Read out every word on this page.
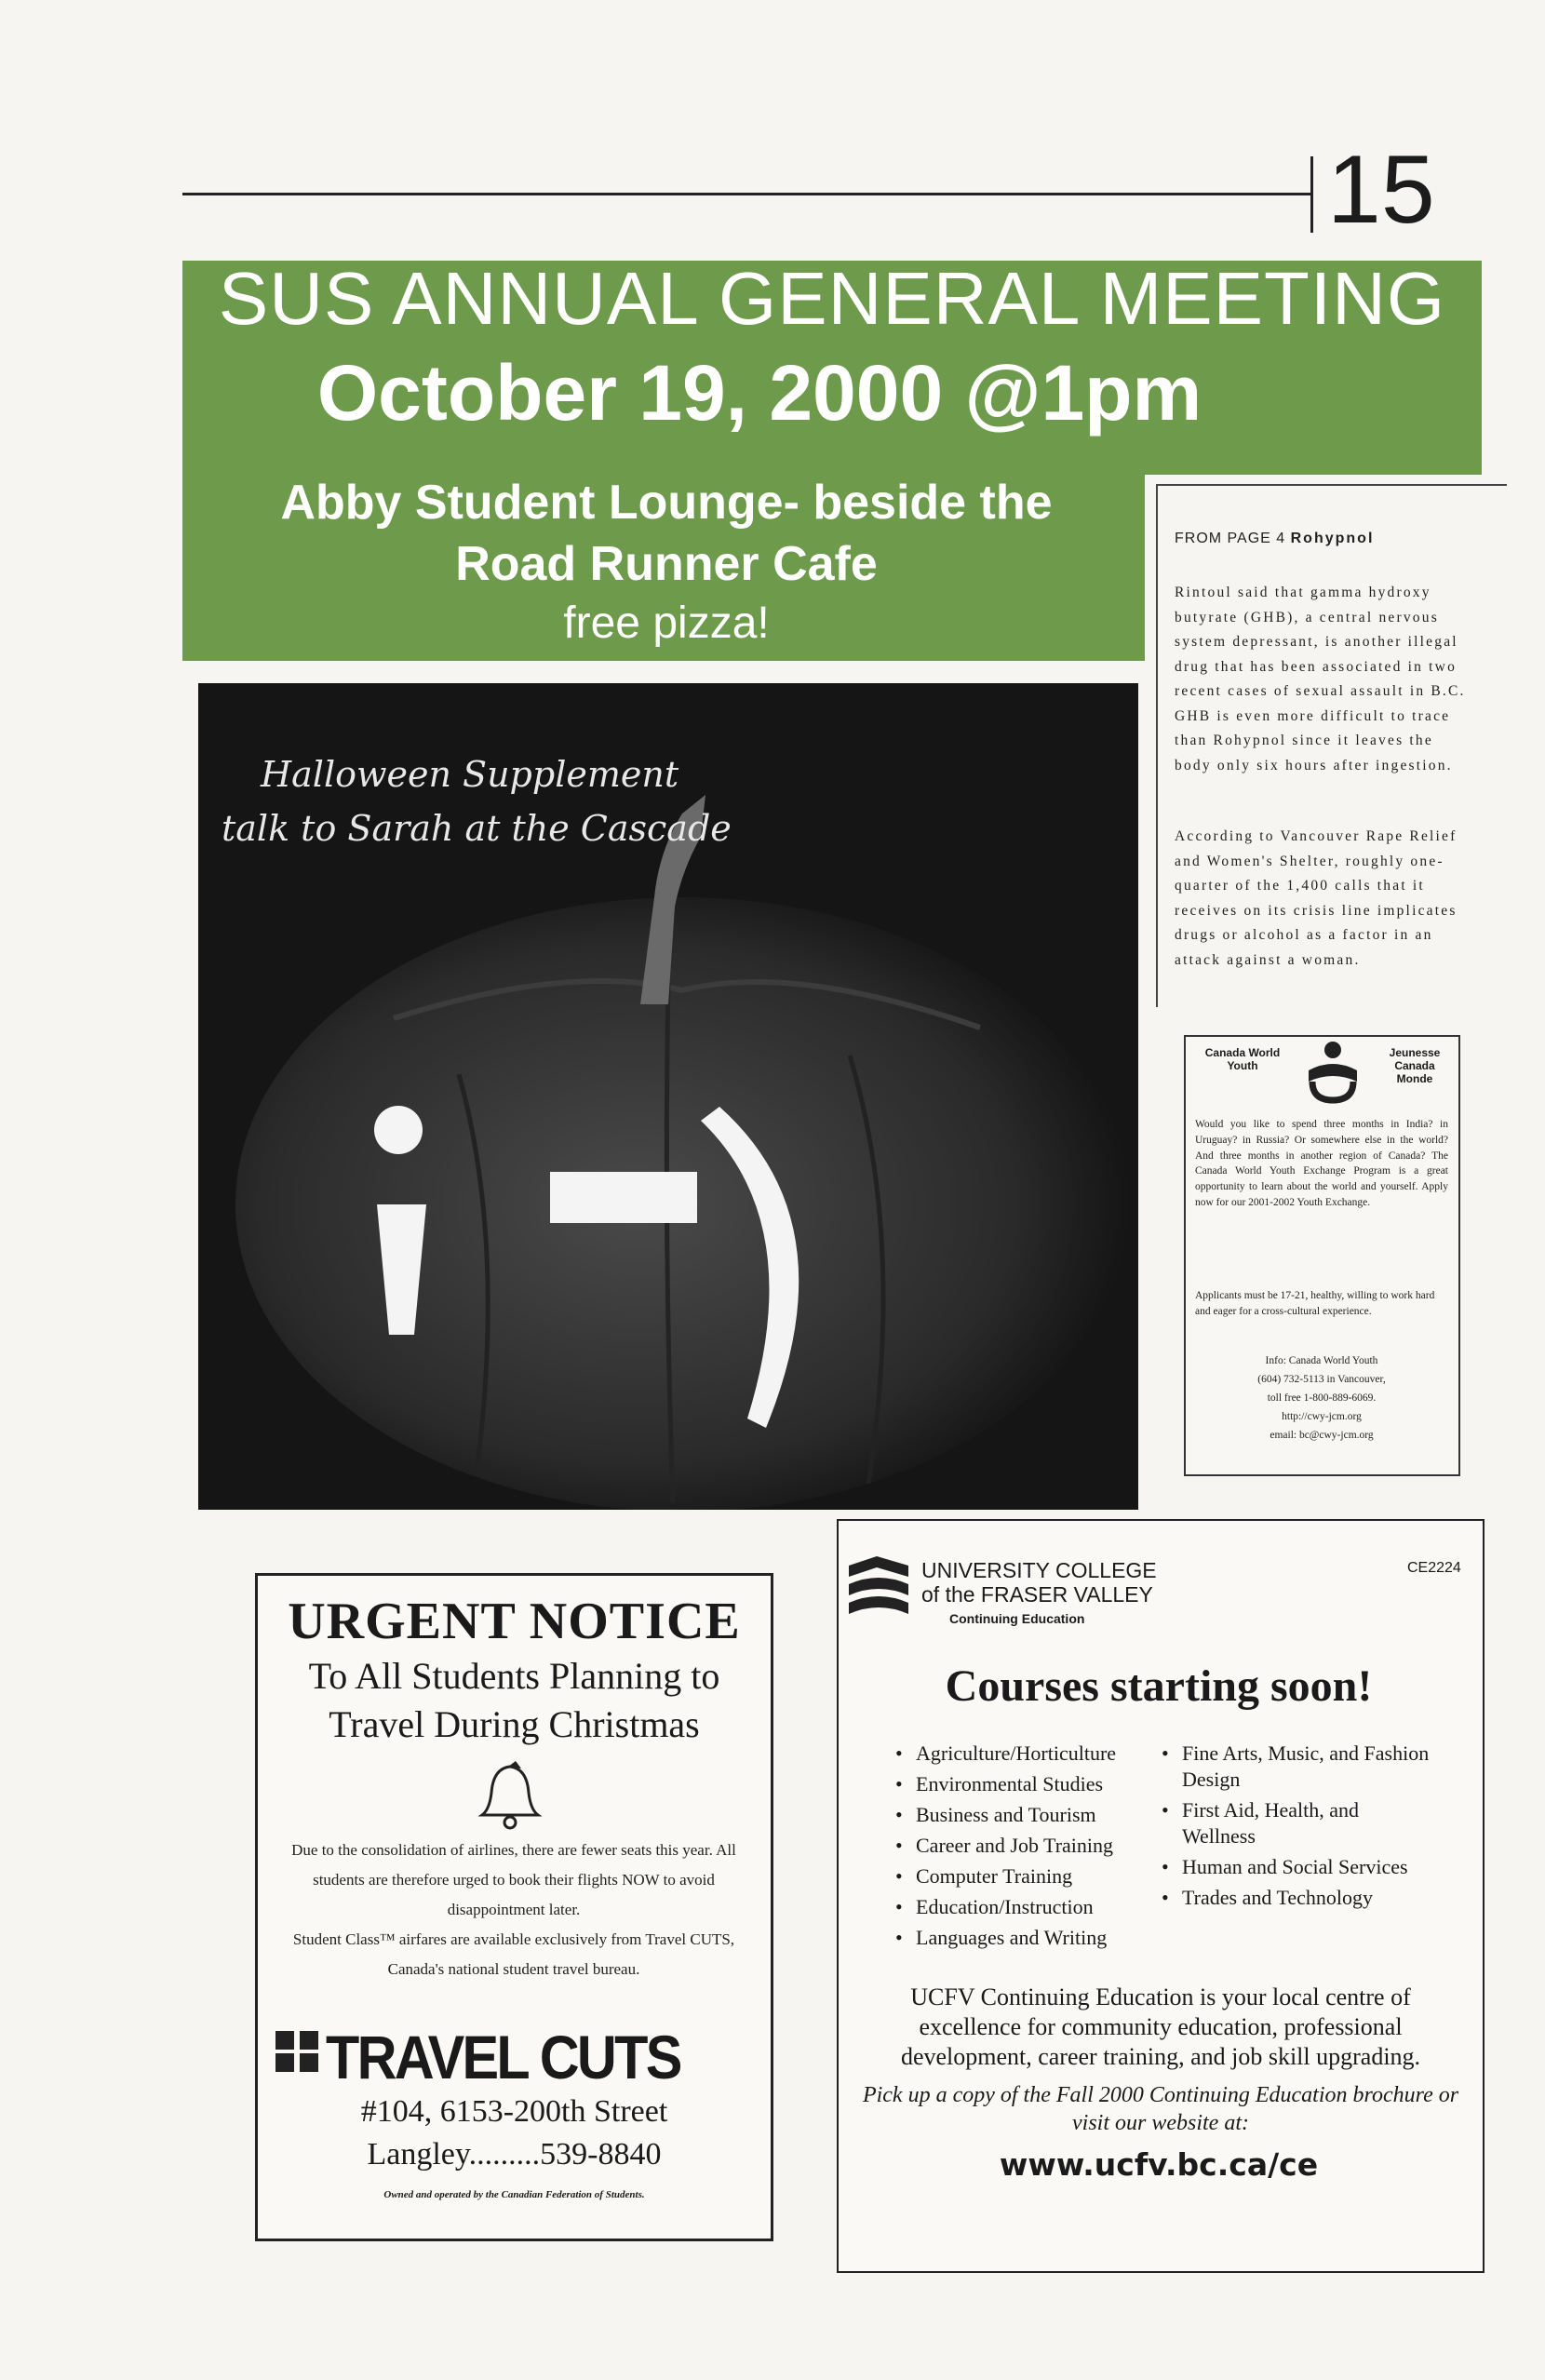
15
SUS ANNUAL GENERAL MEETING
October 19, 2000 @1pm
Abby Student Lounge- beside the
Road Runner Cafe
free pizza!
Halloween Supplement
talk to Sarah at the Cascade
FROM PAGE 4 Rohypnol
Rintoul said that gamma hydroxy butyrate (GHB), a central nervous system depressant, is another illegal drug that has been associated in two recent cases of sexual assault in B.C. GHB is even more difficult to trace than Rohypnol since it leaves the body only six hours after ingestion.
According to Vancouver Rape Relief and Women's Shelter, roughly one-quarter of the 1,400 calls that it receives on its crisis line implicates drugs or alcohol as a factor in an attack against a woman.
Canada World Youth
Jeunesse Canada Monde
Would you like to spend three months in India? in Uruguay? in Russia? Or somewhere else in the world? And three months in another region of Canada? The Canada World Youth Exchange Program is a great opportunity to learn about the world and yourself. Apply now for our 2001-2002 Youth Exchange.
Applicants must be 17-21, healthy, willing to work hard and eager for a cross-cultural experience.
Info: Canada World Youth
(604) 732-5113 in Vancouver,
toll free 1-800-889-6069.
http://cwy-jcm.org
email: bc@cwy-jcm.org
URGENT NOTICE
To All Students Planning to
Travel During Christmas
Due to the consolidation of airlines, there are fewer seats this year. All students are therefore urged to book their flights NOW to avoid disappointment later.
Student Class™ airfares are available exclusively from Travel CUTS, Canada's national student travel bureau.
TRAVEL CUTS
#104, 6153-200th Street
Langley.........539-8840
Owned and operated by the Canadian Federation of Students.
UNIVERSITY COLLEGE
of the FRASER VALLEY
Continuing Education
CE2224
Courses starting soon!
• Agriculture/Horticulture
• Environmental Studies
• Business and Tourism
• Career and Job Training
• Computer Training
• Education/Instruction
• Languages and Writing
• Fine Arts, Music, and Fashion Design
• First Aid, Health, and Wellness
• Human and Social Services
• Trades and Technology
UCFV Continuing Education is your local centre of excellence for community education, professional development, career training, and job skill upgrading.
Pick up a copy of the Fall 2000 Continuing Education brochure or visit our website at:
www.ucfv.bc.ca/ce
